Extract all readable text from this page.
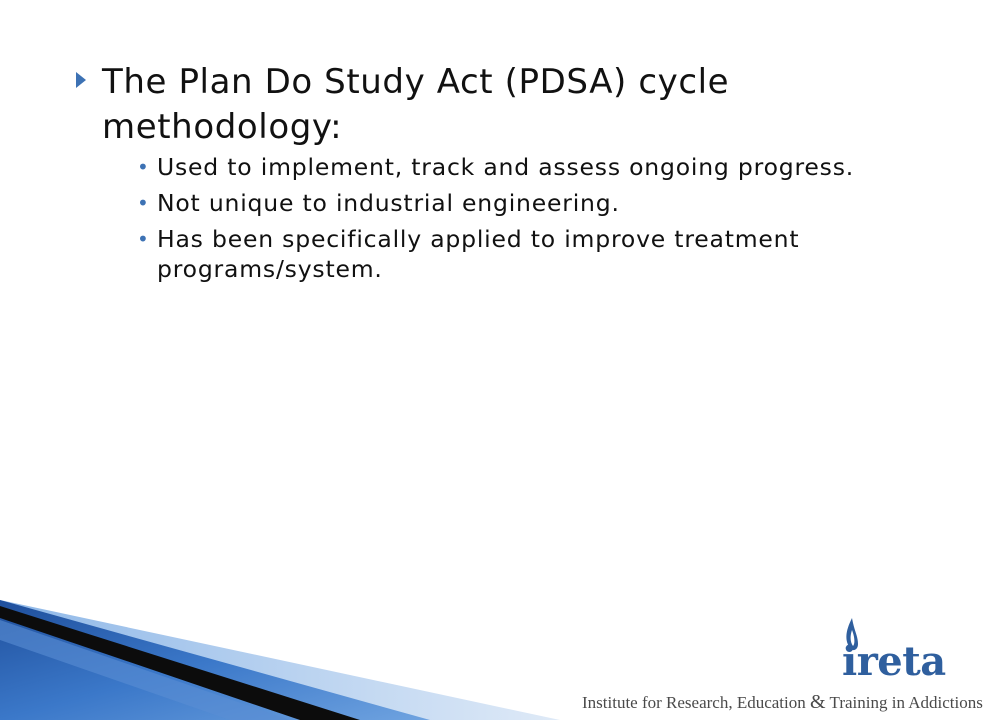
The Plan Do Study Act (PDSA) cycle methodology:
• Used to implement, track and assess ongoing progress.
• Not unique to industrial engineering.
• Has been specifically applied to improve treatment programs/system.
ireta
Institute for Research, Education & Training in Addictions
